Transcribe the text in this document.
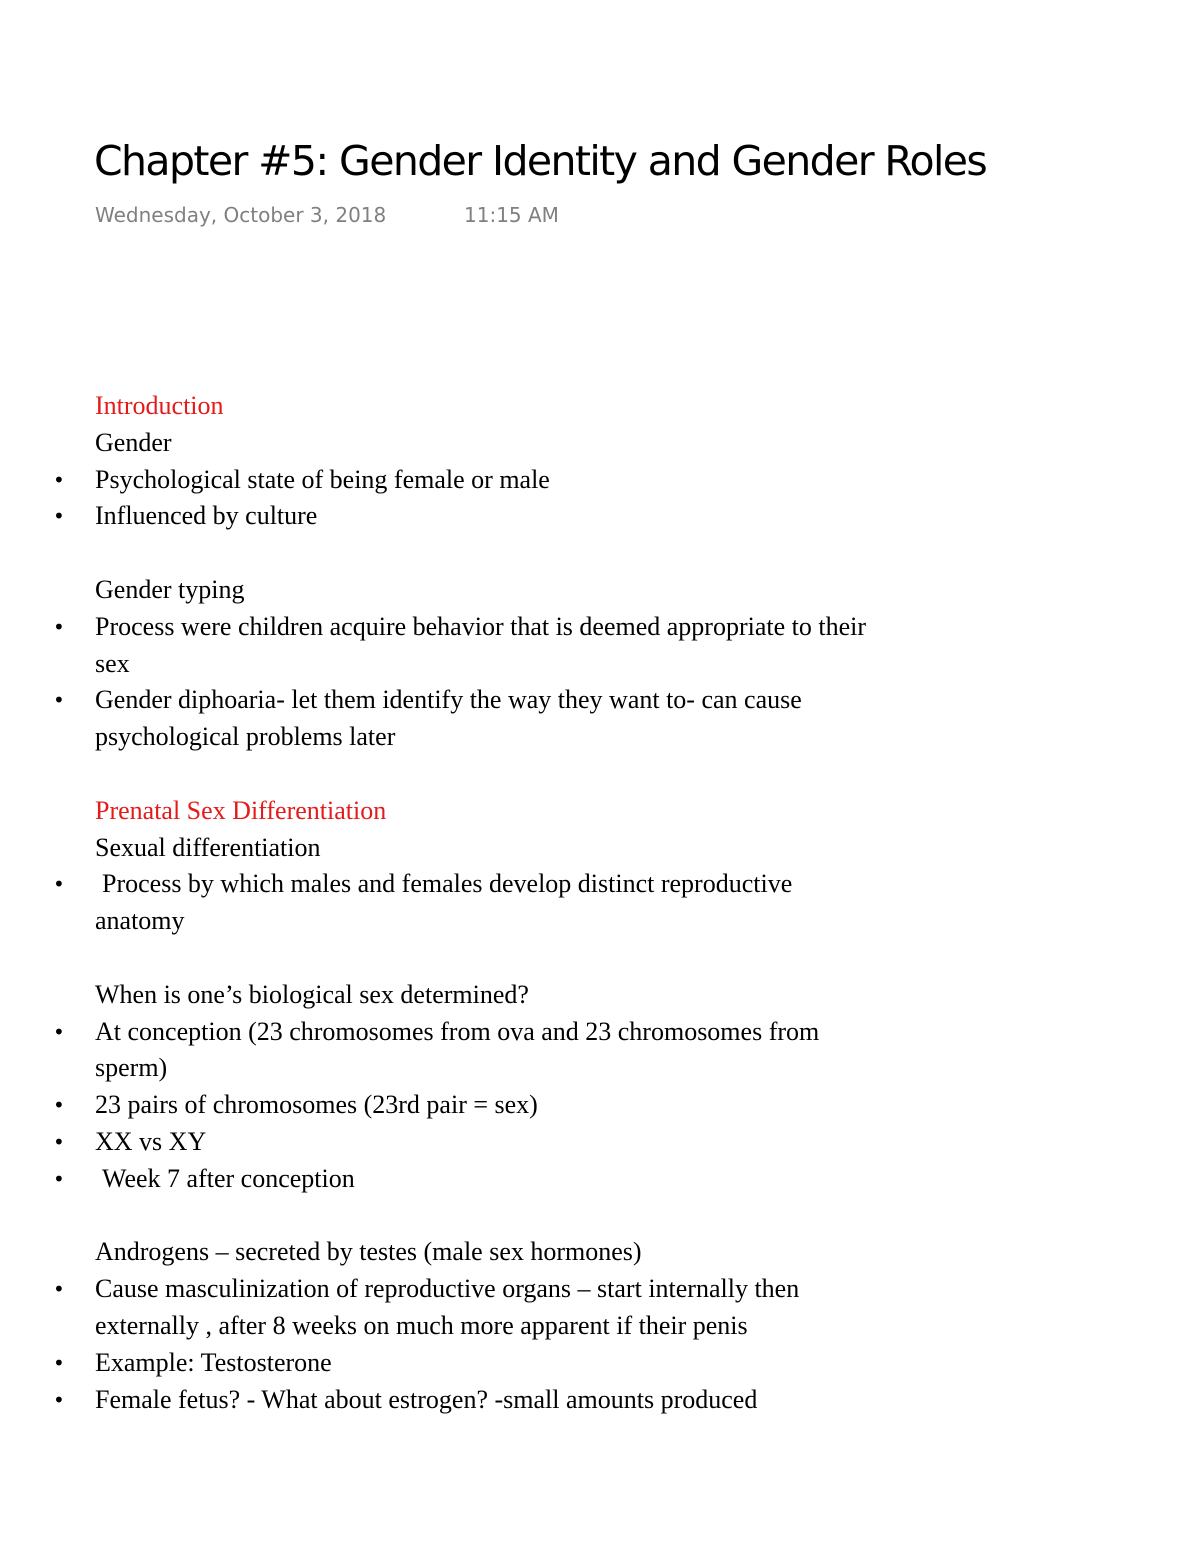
Chapter #5: Gender Identity and Gender Roles
Wednesday, October 3, 2018	11:15 AM
Introduction
Gender
• Psychological state of being female or male
• Influenced by culture
Gender typing
• Process were children acquire behavior that is deemed appropriate to their
sex
• Gender diphoaria- let them identify the way they want to- can cause
psychological problems later
Prenatal Sex Differentiation
Sexual differentiation
• Process by which males and females develop distinct reproductive
anatomy
When is one’s biological sex determined?
• At conception (23 chromosomes from ova and 23 chromosomes from
sperm)
• 23 pairs of chromosomes (23rd pair = sex)
• XX vs XY
• Week 7 after conception
Androgens – secreted by testes (male sex hormones)
• Cause masculinization of reproductive organs – start internally then
externally , after 8 weeks on much more apparent if their penis
• Example: Testosterone
• Female fetus? - What about estrogen? -small amounts produced
